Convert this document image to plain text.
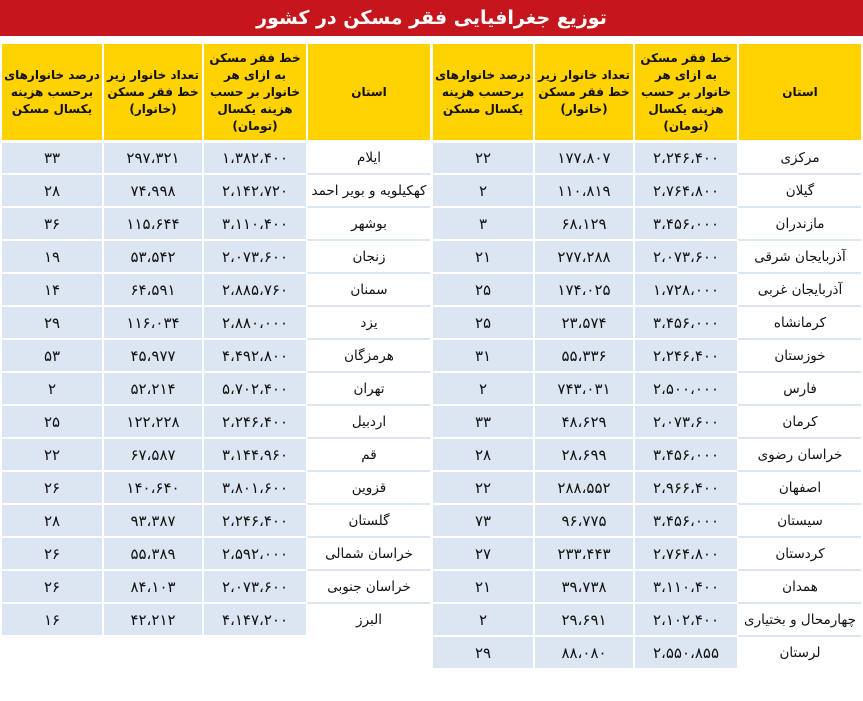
توزیع جغرافیایی فقر مسکن در کشور
استان	خط فقر مسکن به ازای هر خانوار بر حسب هزینه یکسال (تومان)	تعداد خانوار زیر خط فقر مسکن (خانوار)	درصد خانوارهای برحسب هزینه یکسال مسکن
مرکزی	۲،۲۴۶،۴۰۰	۱۷۷،۸۰۷	۲۲
گیلان	۲،۷۶۴،۸۰۰	۱۱۰،۸۱۹	۲
مازندران	۳،۴۵۶،۰۰۰	۶۸،۱۲۹	۳
آذربایجان شرقی	۲،۰۷۳،۶۰۰	۲۷۷،۲۸۸	۲۱
آذربایجان غربی	۱،۷۲۸،۰۰۰	۱۷۴،۰۲۵	۲۵
کرمانشاه	۳،۴۵۶،۰۰۰	۲۳،۵۷۴	۲۵
خوزستان	۲،۲۴۶،۴۰۰	۵۵،۳۳۶	۳۱
فارس	۲،۵۰۰،۰۰۰	۷۴۳،۰۳۱	۲
کرمان	۲،۰۷۳،۶۰۰	۴۸،۶۲۹	۳۳
خراسان رضوی	۳،۴۵۶،۰۰۰	۲۸،۶۹۹	۲۸
اصفهان	۲،۹۶۶،۴۰۰	۲۸۸،۵۵۲	۲۲
سیستان	۳،۴۵۶،۰۰۰	۹۶،۷۷۵	۷۳
کردستان	۲،۷۶۴،۸۰۰	۲۳۳،۴۴۳	۲۷
همدان	۳،۱۱۰،۴۰۰	۳۹،۷۳۸	۲۱
چهارمحال و بختیاری	۲،۱۰۲،۴۰۰	۲۹،۶۹۱	۲
لرستان	۲،۵۵۰،۸۵۵	۸۸،۰۸۰	۲۹
استان	خط فقر مسکن به ازای هر خانوار بر حسب هزینه یکسال (تومان)	تعداد خانوار زیر خط فقر مسکن (خانوار)	درصد خانوارهای برحسب هزینه یکسال مسکن
ایلام	۱،۳۸۲،۴۰۰	۲۹۷،۳۲۱	۳۳
کهکیلویه و بویر احمد	۲،۱۴۲،۷۲۰	۷۴،۹۹۸	۲۸
بوشهر	۳،۱۱۰،۴۰۰	۱۱۵،۶۴۴	۳۶
زنجان	۲،۰۷۳،۶۰۰	۵۳،۵۴۲	۱۹
سمنان	۲،۸۸۵،۷۶۰	۶۴،۵۹۱	۱۴
یزد	۲،۸۸۰،۰۰۰	۱۱۶،۰۳۴	۲۹
هرمزگان	۴،۴۹۲،۸۰۰	۴۵،۹۷۷	۵۳
تهران	۵،۷۰۲،۴۰۰	۵۲،۲۱۴	۲
اردبیل	۲،۲۴۶،۴۰۰	۱۲۲،۲۲۸	۲۵
قم	۳،۱۴۴،۹۶۰	۶۷،۵۸۷	۲۲
قزوین	۳،۸۰۱،۶۰۰	۱۴۰،۶۴۰	۲۶
گلستان	۲،۲۴۶،۴۰۰	۹۳،۳۸۷	۲۸
خراسان شمالی	۲،۵۹۲،۰۰۰	۵۵،۳۸۹	۲۶
خراسان جنوبی	۲،۰۷۳،۶۰۰	۸۴،۱۰۳	۲۶
البرز	۴،۱۴۷،۲۰۰	۴۲،۲۱۲	۱۶
